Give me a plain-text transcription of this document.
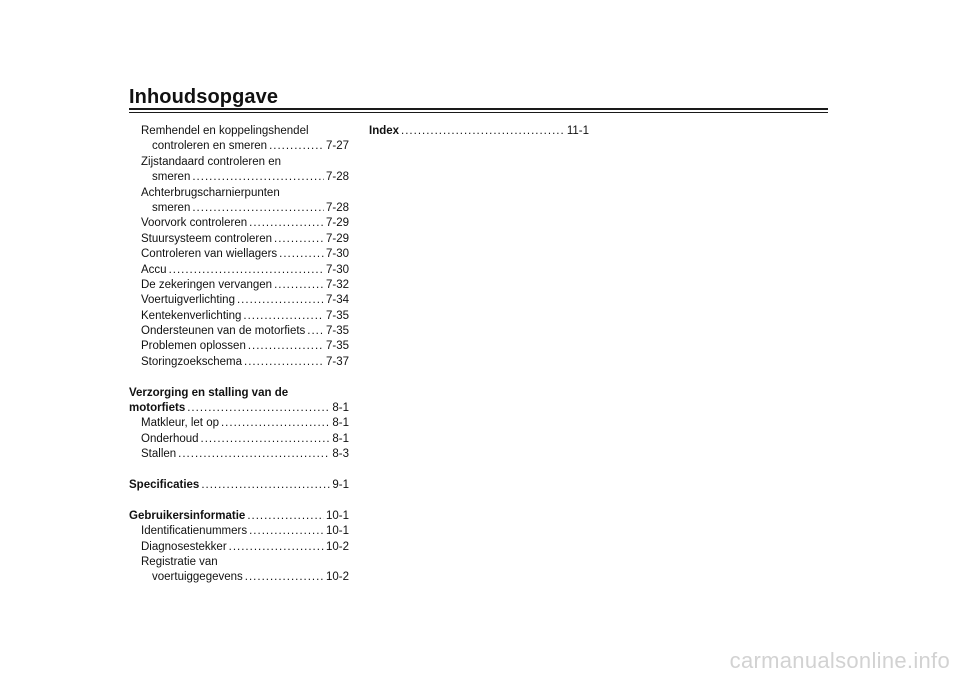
Inhoudsopgave
Remhendel en koppelingshendel
controleren en smeren .....	7-27
Zijstandaard controleren en
smeren .....	7-28
Achterbrugscharnierpunten
smeren .....	7-28
Voorvork controleren .....	7-29
Stuursysteem controleren .....	7-29
Controleren van wiellagers .....	7-30
Accu .....	7-30
De zekeringen vervangen .....	7-32
Voertuigverlichting .....	7-34
Kentekenverlichting .....	7-35
Ondersteunen van de motorfiets ..... 7-35
Problemen oplossen .....	7-35
Storingzoekschema .....	7-37
Verzorging en stalling van de
motorfiets .....	8-1
Matkleur, let op .....	8-1
Onderhoud .....	8-1
Stallen .....	8-3
Specificaties .....	9-1
Gebruikersinformatie .....	10-1
Identificatienummers .....	10-1
Diagnosestekker .....	10-2
Registratie van
voertuiggegevens .....	10-2
Index .....	11-1
carmanualsonline.info
